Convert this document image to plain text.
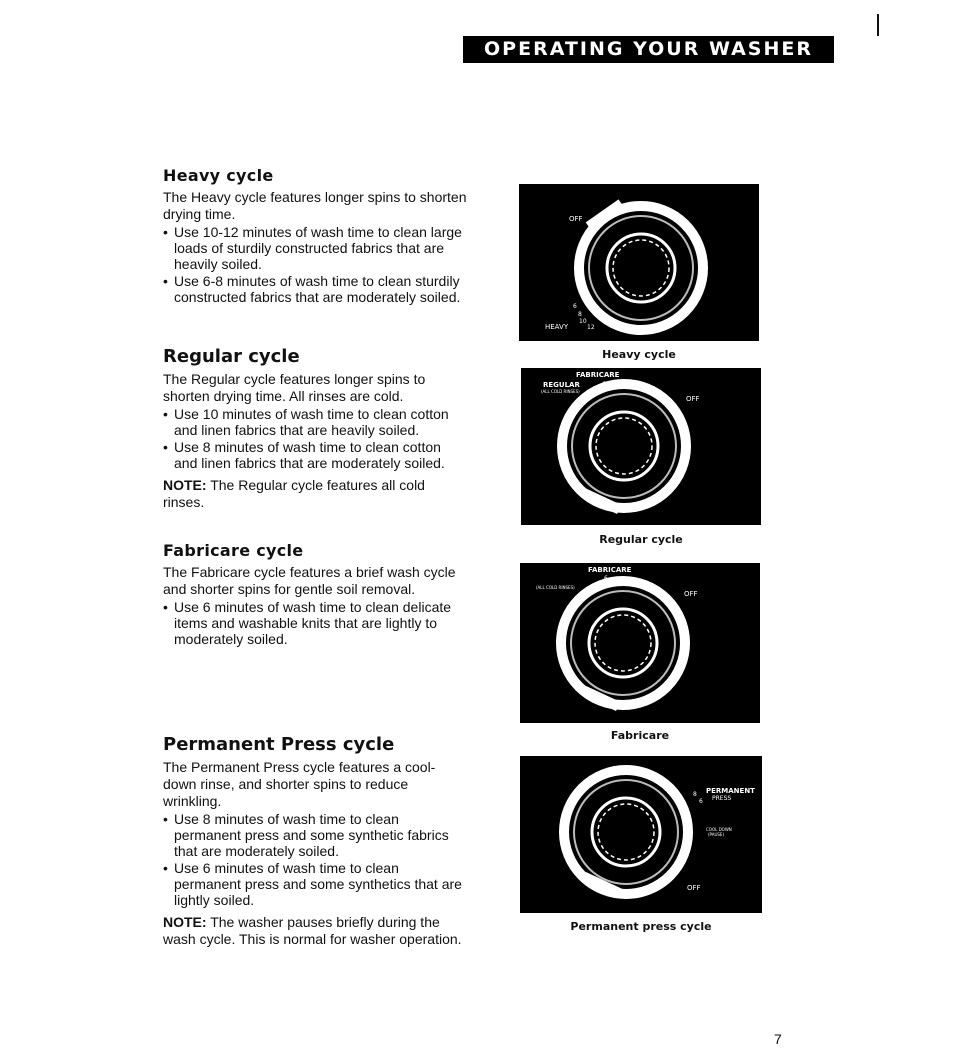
OPERATING YOUR WASHER
Heavy cycle

The Heavy cycle features longer spins to shorten drying time.

• Use 10-12 minutes of wash time to clean large loads of sturdily constructed fabrics that are heavily soiled.
• Use 6-8 minutes of wash time to clean sturdily constructed fabrics that are moderately soiled.
Regular cycle

The Regular cycle features longer spins to shorten drying time. All rinses are cold.

• Use 10 minutes of wash time to clean cotton and linen fabrics that are heavily soiled.
• Use 8 minutes of wash time to clean cotton and linen fabrics that are moderately soiled.

NOTE: The Regular cycle features all cold rinses.

Fabricare cycle

The Fabricare cycle features a brief wash cycle and shorter spins for gentle soil removal.

• Use 6 minutes of wash time to clean delicate items and washable knits that are lightly to moderately soiled.
Permanent Press cycle

The Permanent Press cycle features a cool-down rinse, and shorter spins to reduce wrinkling.

• Use 8 minutes of wash time to clean permanent press and some synthetic fabrics that are moderately soiled.
• Use 6 minutes of wash time to clean permanent press and some synthetics that are lightly soiled.

NOTE: The washer pauses briefly during the wash cycle. This is normal for washer operation.

OFF
6
8
10
12
HEAVY
Heavy cycle
FABRICARE
REGULAR
(ALL COLD RINSES)
6
8
10
OFF
Regular cycle
FABRICARE
6
(ALL COLD RINSES)
OFF
Fabricare
PERMANENT
PRESS
8
6
COOL DOWN
(PAUSE)
OFF
Permanent press cycle
7
